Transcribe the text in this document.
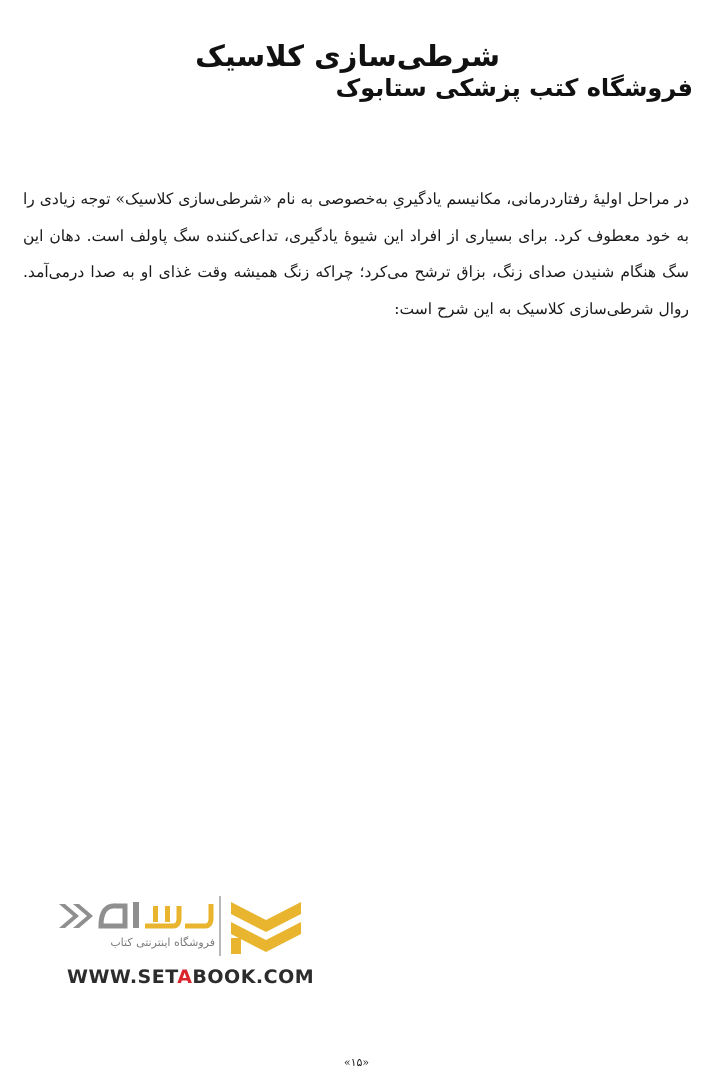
شرطی‌سازی کلاسیک
فروشگاه کتب پزشکی ستابوک

در مراحل اولیهٔ رفتاردرمانی، مکانیسم یادگیریِ به‌خصوصی به نام «شرطی‌سازی کلاسیک» توجه زیادی را به خود معطوف کرد. برای بسیاری از افراد این شیوهٔ یادگیری، تداعی‌کننده سگ پاولف است. دهان این سگ هنگام شنیدن صدای زنگ، بزاق ترشح می‌کرد؛ چراکه زنگ همیشه وقت غذای او به صدا درمی‌آمد. روال شرطی‌سازی کلاسیک به این شرح است:

فروشگاه اینترنتی کتاب
WWW.SETABOOK.COM
«۱۵»
